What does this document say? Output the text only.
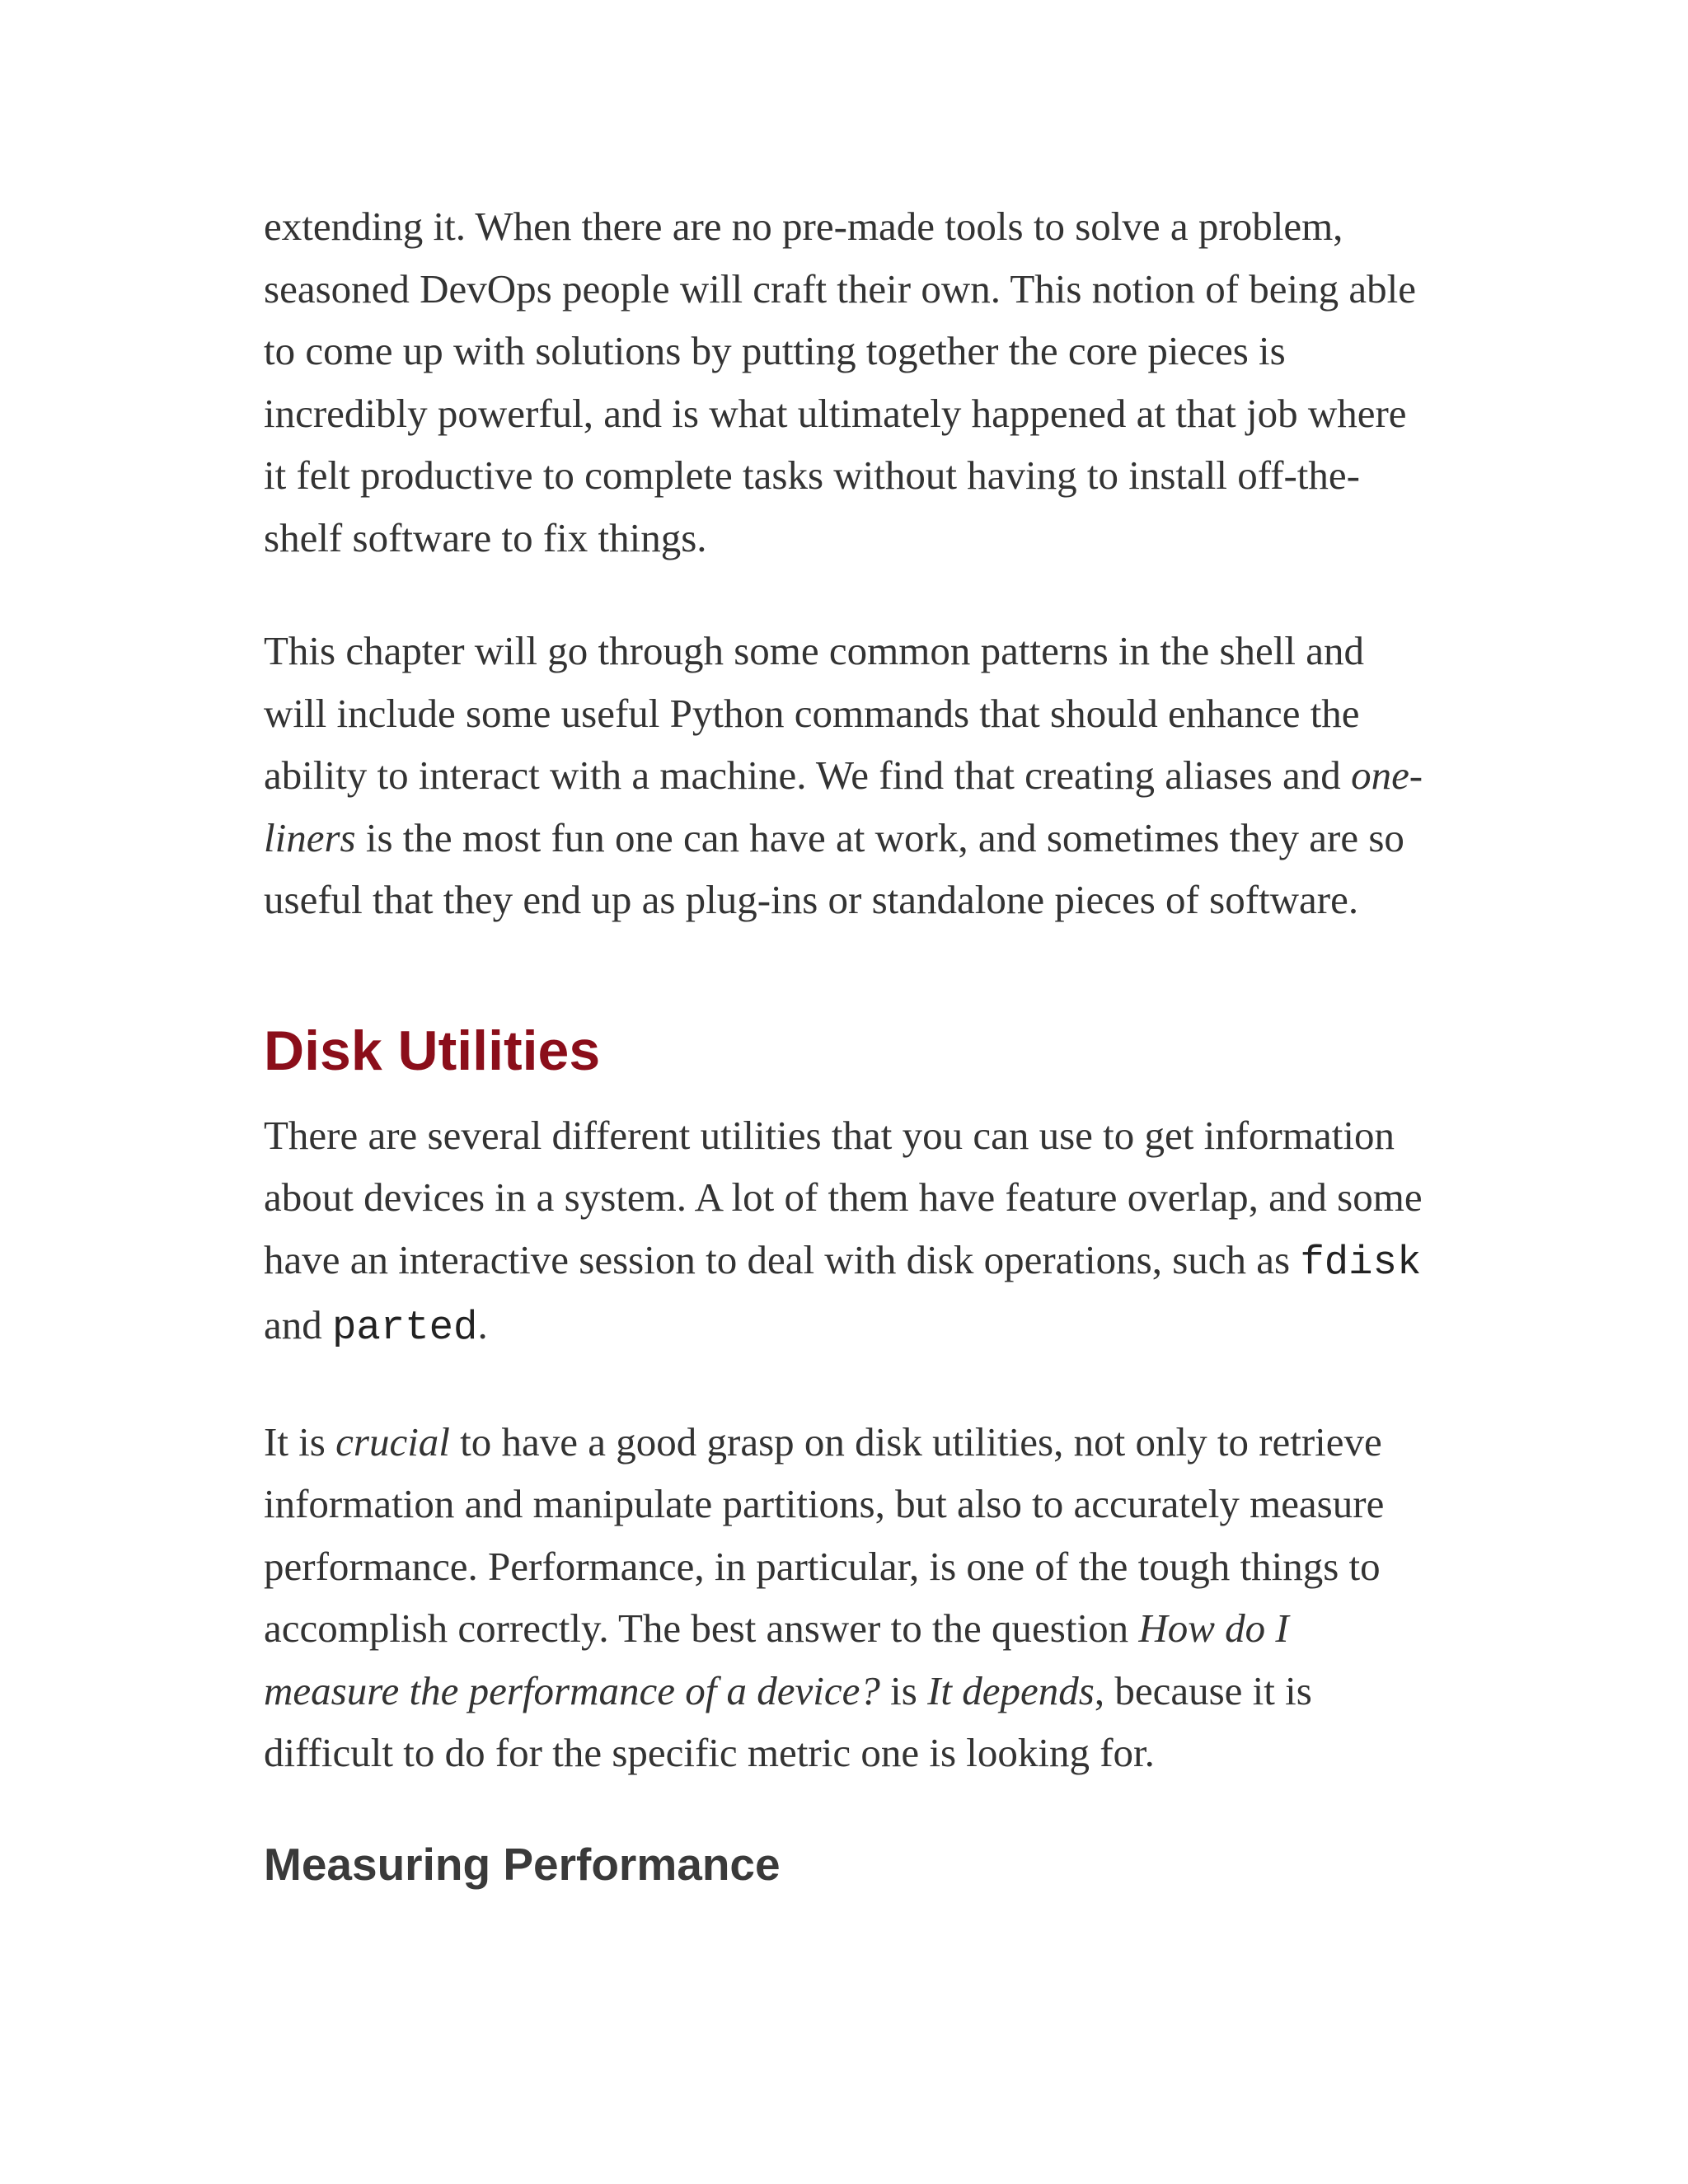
extending it. When there are no pre-made tools to solve a problem, seasoned DevOps people will craft their own. This notion of being able to come up with solutions by putting together the core pieces is incredibly powerful, and is what ultimately happened at that job where it felt productive to complete tasks without having to install off-the-shelf software to fix things.

This chapter will go through some common patterns in the shell and will include some useful Python commands that should enhance the ability to interact with a machine. We find that creating aliases and one-liners is the most fun one can have at work, and sometimes they are so useful that they end up as plug-ins or standalone pieces of software.

Disk Utilities

There are several different utilities that you can use to get information about devices in a system. A lot of them have feature overlap, and some have an interactive session to deal with disk operations, such as fdisk and parted.

It is crucial to have a good grasp on disk utilities, not only to retrieve information and manipulate partitions, but also to accurately measure performance. Performance, in particular, is one of the tough things to accomplish correctly. The best answer to the question How do I measure the performance of a device? is It depends, because it is difficult to do for the specific metric one is looking for.

Measuring Performance
